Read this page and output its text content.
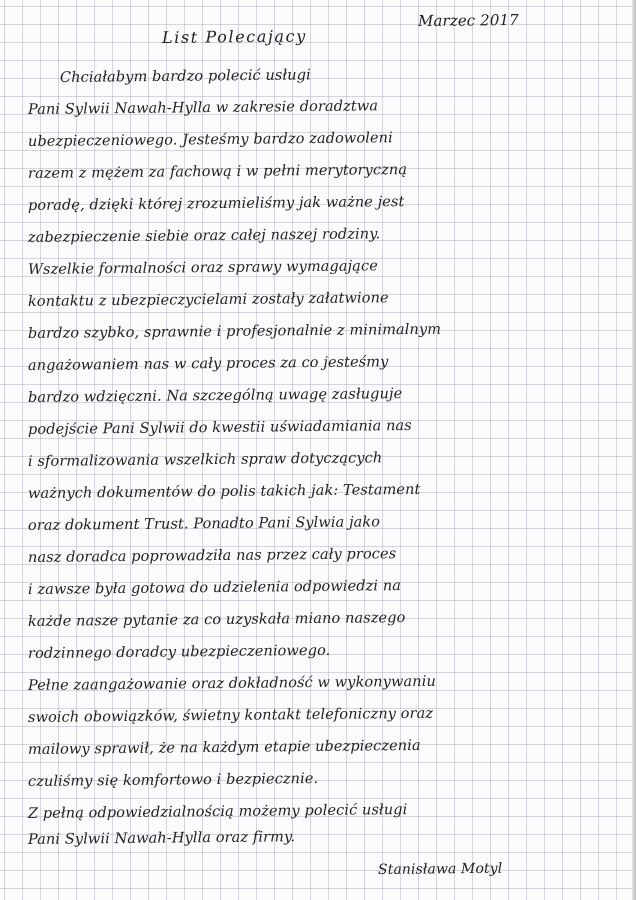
Marzec 2017
List Polecający
Chciałabym bardzo polecić usługi
Pani Sylwii Nawah-Hylla w zakresie doradztwa
ubezpieczeniowego. Jesteśmy bardzo zadowoleni
razem z mężem za fachową i w pełni merytoryczną
poradę, dzięki której zrozumieliśmy jak ważne jest
zabezpieczenie siebie oraz całej naszej rodziny.
Wszelkie formalności oraz sprawy wymagające
kontaktu z ubezpieczycielami zostały załatwione
bardzo szybko, sprawnie i profesjonalnie z minimalnym
angażowaniem nas w cały proces za co jesteśmy
bardzo wdzięczni. Na szczególną uwagę zasługuje
podejście Pani Sylwii do kwestii uświadamiania nas
i sformalizowania wszelkich spraw dotyczących
ważnych dokumentów do polis takich jak: Testament
oraz dokument Trust. Ponadto Pani Sylwia jako
nasz doradca poprowadziła nas przez cały proces
i zawsze była gotowa do udzielenia odpowiedzi na
każde nasze pytanie za co uzyskała miano naszego
rodzinnego doradcy ubezpieczeniowego.
Pełne zaangażowanie oraz dokładność w wykonywaniu
swoich obowiązków, świetny kontakt telefoniczny oraz
mailowy sprawił, że na każdym etapie ubezpieczenia
czuliśmy się komfortowo i bezpiecznie.
Z pełną odpowiedzialnością możemy polecić usługi
Pani Sylwii Nawah-Hylla oraz firmy.
Stanisława Motyl
